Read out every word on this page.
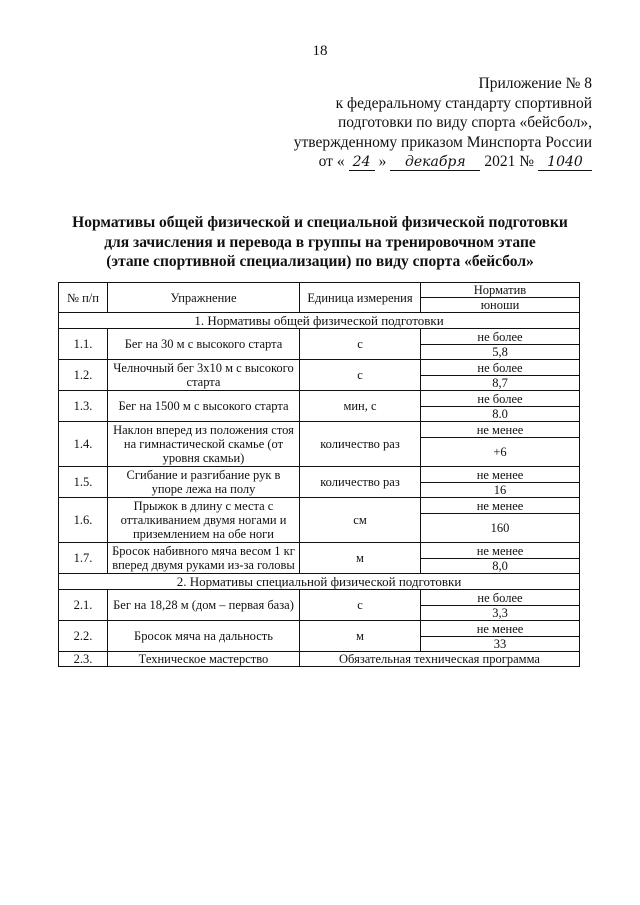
18
Приложение № 8
к федеральному стандарту спортивной
подготовки по виду спорта «бейсбол»,
утвержденному приказом Минспорта России
от « 24 »	декабря	2021 № 1040
Нормативы общей физической и специальной физической подготовки
для зачисления и перевода в группы на тренировочном этапе
(этапе спортивной специализации) по виду спорта «бейсбол»
№ п/п	Упражнение	Единица измерения	Норматив
			юноши
1. Нормативы общей физической подготовки			
1.1.	Бег на 30 м с высокого старта	с	не более
			5,8
1.2.	Челночный бег 3х10 м с высокого старта	с	не более
			8,7
1.3.	Бег на 1500 м с высокого старта	мин, с	не более
			8.0
1.4.	Наклон вперед из положения стоя на гимнастической скамье (от уровня скамьи)	количество раз	не менее
			+6
1.5.	Сгибание и разгибание рук в упоре лежа на полу	количество раз	не менее
			16
1.6.	Прыжок в длину с места с отталкиванием двумя ногами и приземлением на обе ноги	см	не менее
			160
1.7.	Бросок набивного мяча весом 1 кг вперед двумя руками из-за головы	м	не менее
			8,0
2. Нормативы специальной физической подготовки			
2.1.	Бег на 18,28 м (дом – первая база)	с	не более
			3,3
2.2.	Бросок мяча на дальность	м	не менее
			33
2.3.	Техническое мастерство	Обязательная техническая программа	
